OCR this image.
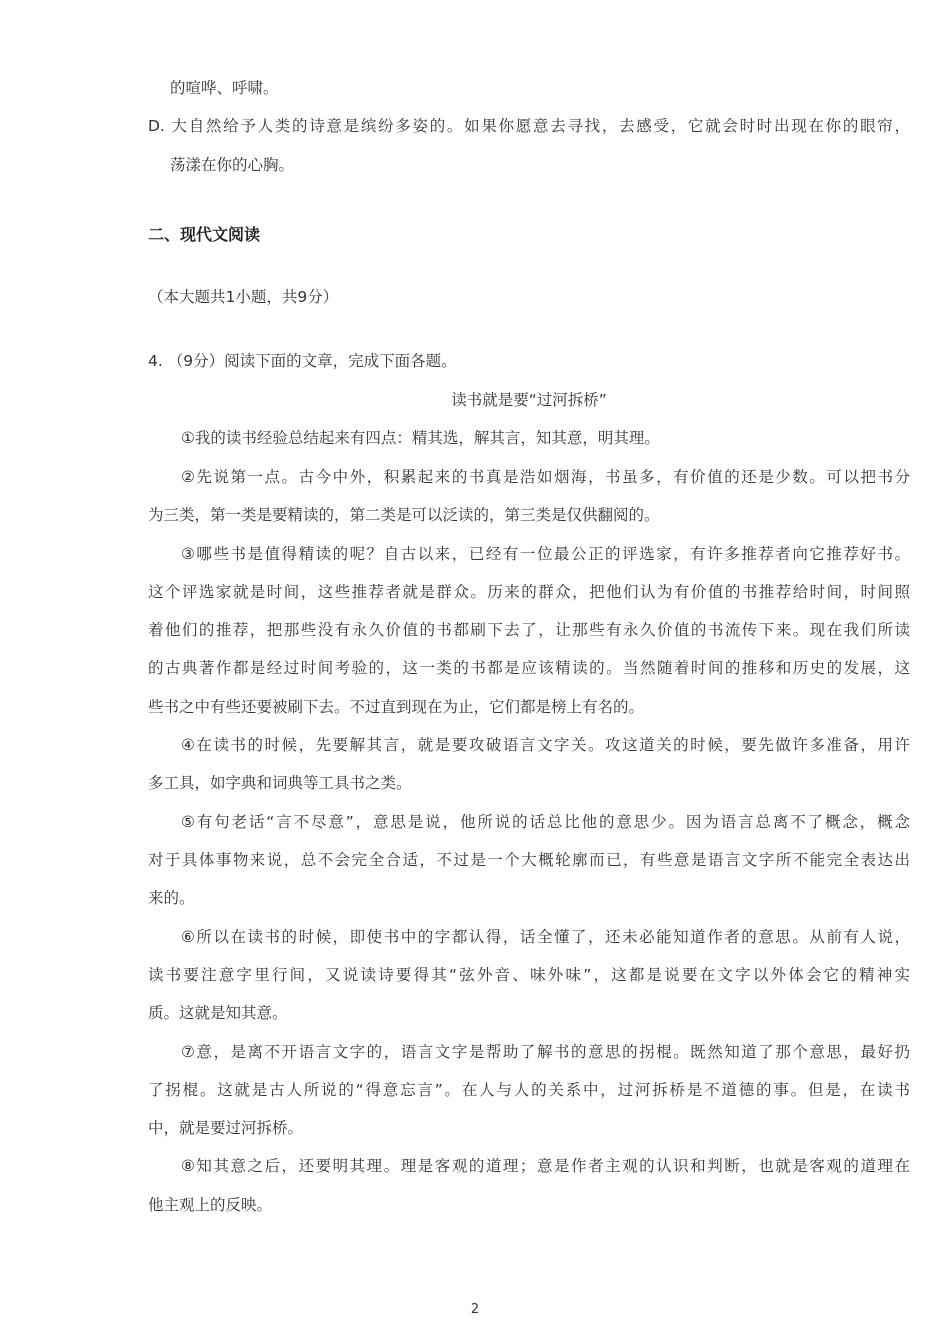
的喧哗、呼啸。
D. 大自然给予人类的诗意是缤纷多姿的。如果你愿意去寻找，去感受，它就会时时出现在你的眼帘，
荡漾在你的心胸。
二、现代文阅读
（本大题共1小题，共9分）
4. （9分）阅读下面的文章，完成下面各题。
读书就是要“过河拆桥”
①我的读书经验总结起来有四点：精其选，解其言，知其意，明其理。
②先说第一点。古今中外，积累起来的书真是浩如烟海，书虽多，有价值的还是少数。可以把书分
为三类，第一类是要精读的，第二类是可以泛读的，第三类是仅供翻阅的。
③哪些书是值得精读的呢？自古以来，已经有一位最公正的评选家，有许多推荐者向它推荐好书。
这个评选家就是时间，这些推荐者就是群众。历来的群众，把他们认为有价值的书推荐给时间，时间照
着他们的推荐，把那些没有永久价值的书都刷下去了，让那些有永久价值的书流传下来。现在我们所读
的古典著作都是经过时间考验的，这一类的书都是应该精读的。当然随着时间的推移和历史的发展，这
些书之中有些还要被刷下去。不过直到现在为止，它们都是榜上有名的。
④在读书的时候，先要解其言，就是要攻破语言文字关。攻这道关的时候，要先做许多准备，用许
多工具，如字典和词典等工具书之类。
⑤有句老话“言不尽意”，意思是说，他所说的话总比他的意思少。因为语言总离不了概念，概念
对于具体事物来说，总不会完全合适，不过是一个大概轮廓而已，有些意是语言文字所不能完全表达出
来的。
⑥所以在读书的时候，即使书中的字都认得，话全懂了，还未必能知道作者的意思。从前有人说，
读书要注意字里行间，又说读诗要得其“弦外音、味外味”，这都是说要在文字以外体会它的精神实
质。这就是知其意。
⑦意，是离不开语言文字的，语言文字是帮助了解书的意思的拐棍。既然知道了那个意思，最好扔
了拐棍。这就是古人所说的“得意忘言”。在人与人的关系中，过河拆桥是不道德的事。但是，在读书
中，就是要过河拆桥。
⑧知其意之后，还要明其理。理是客观的道理；意是作者主观的认识和判断，也就是客观的道理在
他主观上的反映。
2
